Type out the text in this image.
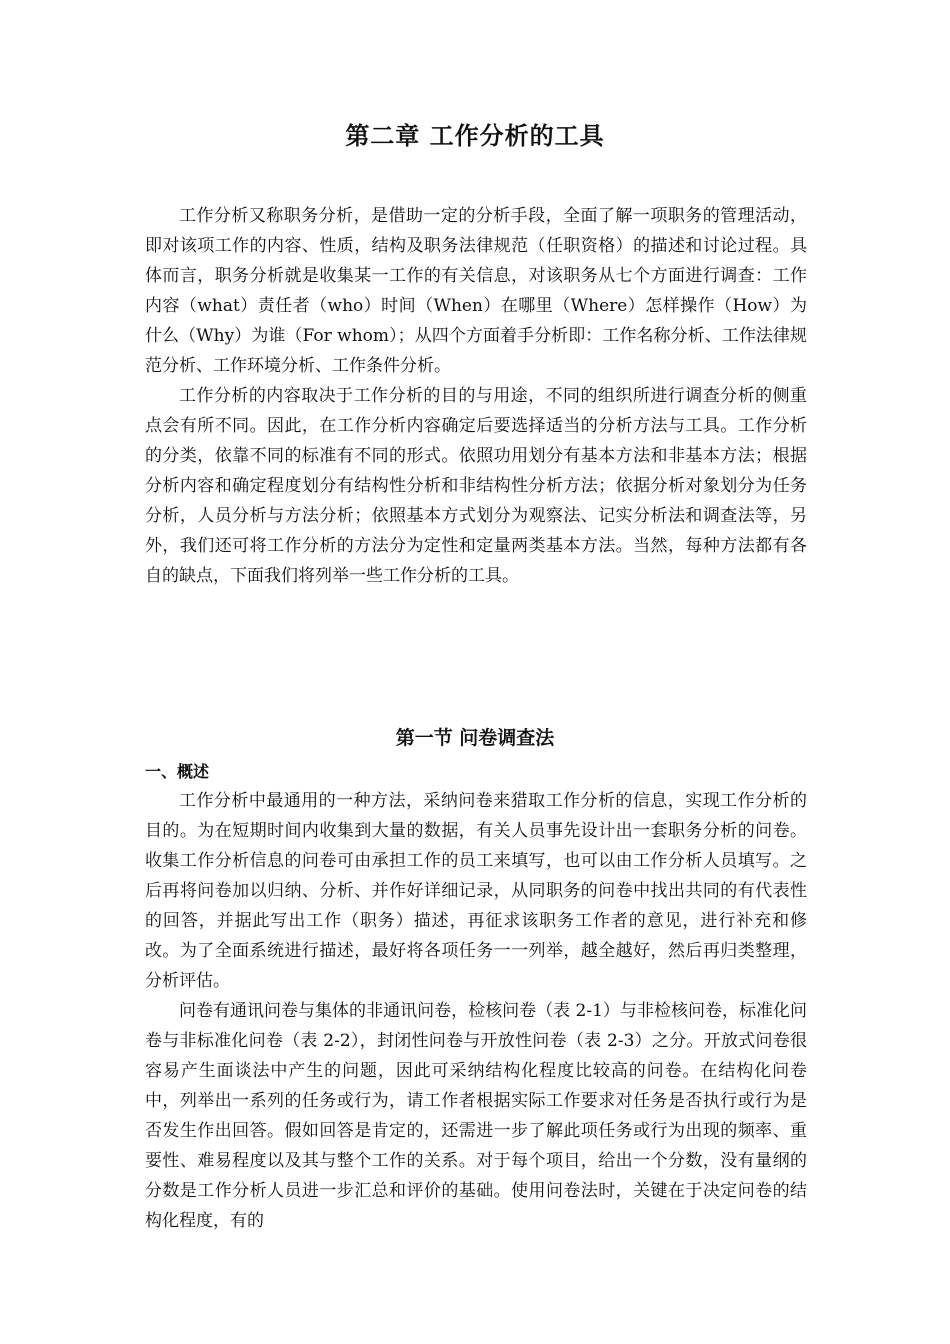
第二章 工作分析的工具

工作分析又称职务分析，是借助一定的分析手段，全面了解一项职务的管理活动，即对该项工作的内容、性质，结构及职务法律规范（任职资格）的描述和讨论过程。具体而言，职务分析就是收集某一工作的有关信息，对该职务从七个方面进行调查：工作内容（what）责任者（who）时间（When）在哪里（Where）怎样操作（How）为什么（Why）为谁（For whom）；从四个方面着手分析即：工作名称分析、工作法律规范分析、工作环境分析、工作条件分析。

工作分析的内容取决于工作分析的目的与用途，不同的组织所进行调查分析的侧重点会有所不同。因此，在工作分析内容确定后要选择适当的分析方法与工具。工作分析的分类，依靠不同的标准有不同的形式。依照功用划分有基本方法和非基本方法；根据分析内容和确定程度划分有结构性分析和非结构性分析方法；依据分析对象划分为任务分析，人员分析与方法分析；依照基本方式划分为观察法、记实分析法和调查法等，另外，我们还可将工作分析的方法分为定性和定量两类基本方法。当然，每种方法都有各自的缺点，下面我们将列举一些工作分析的工具。

第一节 问卷调查法
一、概述

工作分析中最通用的一种方法，采纳问卷来猎取工作分析的信息，实现工作分析的目的。为在短期时间内收集到大量的数据，有关人员事先设计出一套职务分析的问卷。收集工作分析信息的问卷可由承担工作的员工来填写，也可以由工作分析人员填写。之后再将问卷加以归纳、分析、并作好详细记录，从同职务的问卷中找出共同的有代表性的回答，并据此写出工作（职务）描述，再征求该职务工作者的意见，进行补充和修改。为了全面系统进行描述，最好将各项任务一一列举，越全越好，然后再归类整理，分析评估。

问卷有通讯问卷与集体的非通讯问卷，检核问卷（表 2-1）与非检核问卷，标准化问卷与非标准化问卷（表 2-2），封闭性问卷与开放性问卷（表 2-3）之分。开放式问卷很容易产生面谈法中产生的问题，因此可采纳结构化程度比较高的问卷。在结构化问卷中，列举出一系列的任务或行为，请工作者根据实际工作要求对任务是否执行或行为是否发生作出回答。假如回答是肯定的，还需进一步了解此项任务或行为出现的频率、重要性、难易程度以及其与整个工作的关系。对于每个项目，给出一个分数，没有量纲的分数是工作分析人员进一步汇总和评价的基础。使用问卷法时，关键在于决定问卷的结构化程度，有的
